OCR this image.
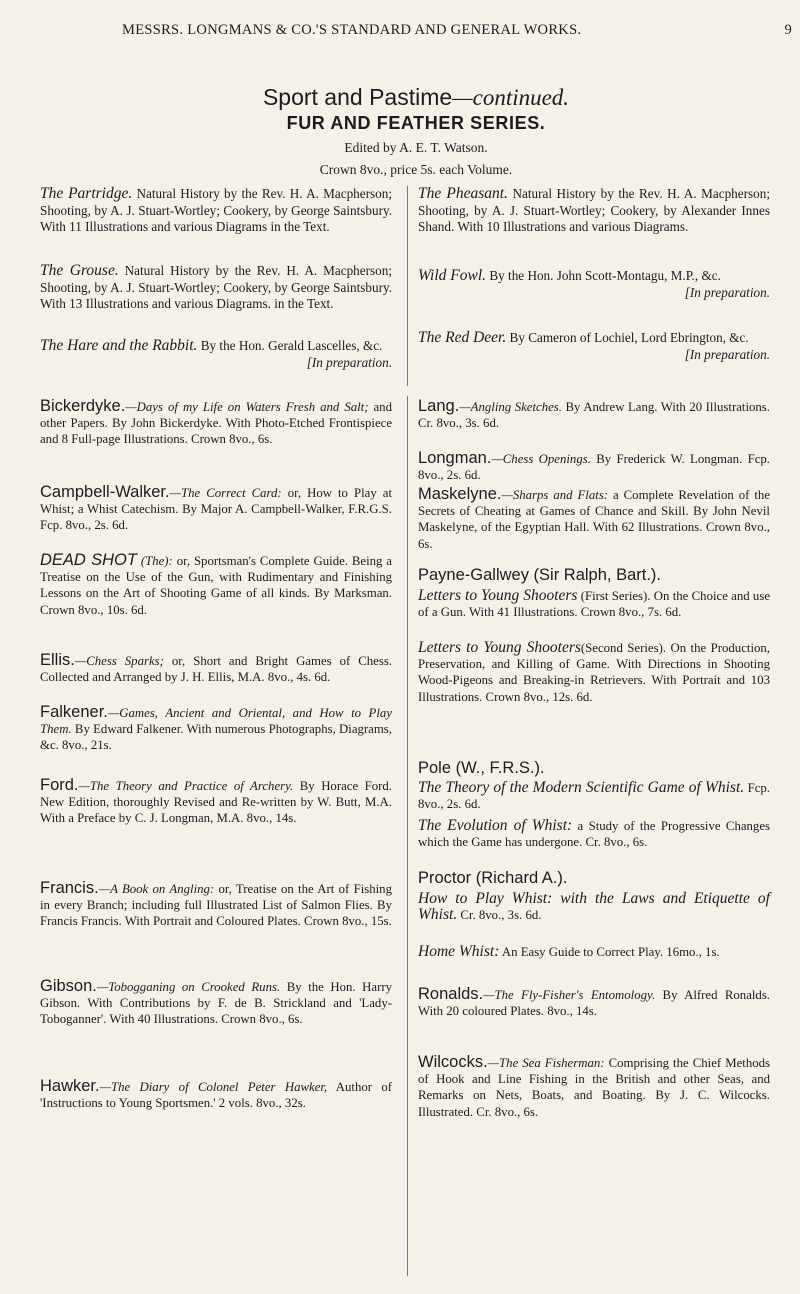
MESSRS. LONGMANS & CO.'S STANDARD AND GENERAL WORKS.	9
Sport and Pastime—continued.
FUR AND FEATHER SERIES.
Edited by A. E. T. Watson.
Crown 8vo., price 5s. each Volume.
The Partridge. Natural History by the Rev. H. A. Macpherson; Shooting, by A. J. Stuart-Wortley; Cookery, by George Saintsbury. With 11 Illustrations and various Diagrams in the Text.
The Grouse. Natural History by the Rev. H. A. Macpherson; Shooting, by A. J. Stuart-Wortley; Cookery, by George Saintsbury. With 13 Illustrations and various Diagrams. in the Text.
The Hare and the Rabbit. By the Hon. Gerald Lascelles, &c.
[In preparation.
The Pheasant. Natural History by the Rev. H. A. Macpherson; Shooting, by A. J. Stuart-Wortley; Cookery, by Alexander Innes Shand. With 10 Illustrations and various Diagrams.
Wild Fowl. By the Hon. John Scott-Montagu, M.P., &c.
[In preparation.
The Red Deer. By Cameron of Lochiel, Lord Ebrington, &c.
[In preparation.
Bickerdyke.—Days of my Life on Waters Fresh and Salt; and other Papers. By John Bickerdyke. With Photo-Etched Frontispiece and 8 Full-page Illustrations. Crown 8vo., 6s.
Campbell-Walker.—The Correct Card: or, How to Play at Whist; a Whist Catechism. By Major A. Campbell-Walker, F.R.G.S. Fcp. 8vo., 2s. 6d.
DEAD SHOT (The): or, Sportsman's Complete Guide. Being a Treatise on the Use of the Gun, with Rudimentary and Finishing Lessons on the Art of Shooting Game of all kinds. By Marksman. Crown 8vo., 10s. 6d.
Ellis.—Chess Sparks; or, Short and Bright Games of Chess. Collected and Arranged by J. H. Ellis, M.A. 8vo., 4s. 6d.
Falkener.—Games, Ancient and Oriental, and How to Play Them. By Edward Falkener. With numerous Photographs, Diagrams, &c. 8vo., 21s.
Ford.—The Theory and Practice of Archery. By Horace Ford. New Edition, thoroughly Revised and Re-written by W. Butt, M.A. With a Preface by C. J. Longman, M.A. 8vo., 14s.
Francis.—A Book on Angling: or, Treatise on the Art of Fishing in every Branch; including full Illustrated List of Salmon Flies. By Francis Francis. With Portrait and Coloured Plates. Crown 8vo., 15s.
Gibson.—Tobogganing on Crooked Runs. By the Hon. Harry Gibson. With Contributions by F. de B. Strickland and 'Lady-Toboganner'. With 40 Illustrations. Crown 8vo., 6s.
Hawker.—The Diary of Colonel Peter Hawker, Author of 'Instructions to Young Sportsmen.' 2 vols. 8vo., 32s.
Lang.—Angling Sketches. By Andrew Lang. With 20 Illustrations. Cr. 8vo., 3s. 6d.
Longman.—Chess Openings. By Frederick W. Longman. Fcp. 8vo., 2s. 6d.
Maskelyne.—Sharps and Flats: a Complete Revelation of the Secrets of Cheating at Games of Chance and Skill. By John Nevil Maskelyne, of the Egyptian Hall. With 62 Illustrations. Crown 8vo., 6s.
Payne-Gallwey (Sir Ralph, Bart.).
Letters to Young Shooters (First Series). On the Choice and use of a Gun. With 41 Illustrations. Crown 8vo., 7s. 6d.
Letters to Young Shooters(Second Series). On the Production, Preservation, and Killing of Game. With Directions in Shooting Wood-Pigeons and Breaking-in Retrievers. With Portrait and 103 Illustrations. Crown 8vo., 12s. 6d.
Pole (W., F.R.S.).
The Theory of the Modern Scientific Game of Whist. Fcp. 8vo., 2s. 6d.
The Evolution of Whist: a Study of the Progressive Changes which the Game has undergone. Cr. 8vo., 6s.
Proctor (Richard A.).
How to Play Whist: with the Laws and Etiquette of Whist. Cr. 8vo., 3s. 6d.
Home Whist: An Easy Guide to Correct Play. 16mo., 1s.
Ronalds.—The Fly-Fisher's Entomology. By Alfred Ronalds. With 20 coloured Plates. 8vo., 14s.
Wilcocks.—The Sea Fisherman: Comprising the Chief Methods of Hook and Line Fishing in the British and other Seas, and Remarks on Nets, Boats, and Boating. By J. C. Wilcocks. Illustrated. Cr. 8vo., 6s.
